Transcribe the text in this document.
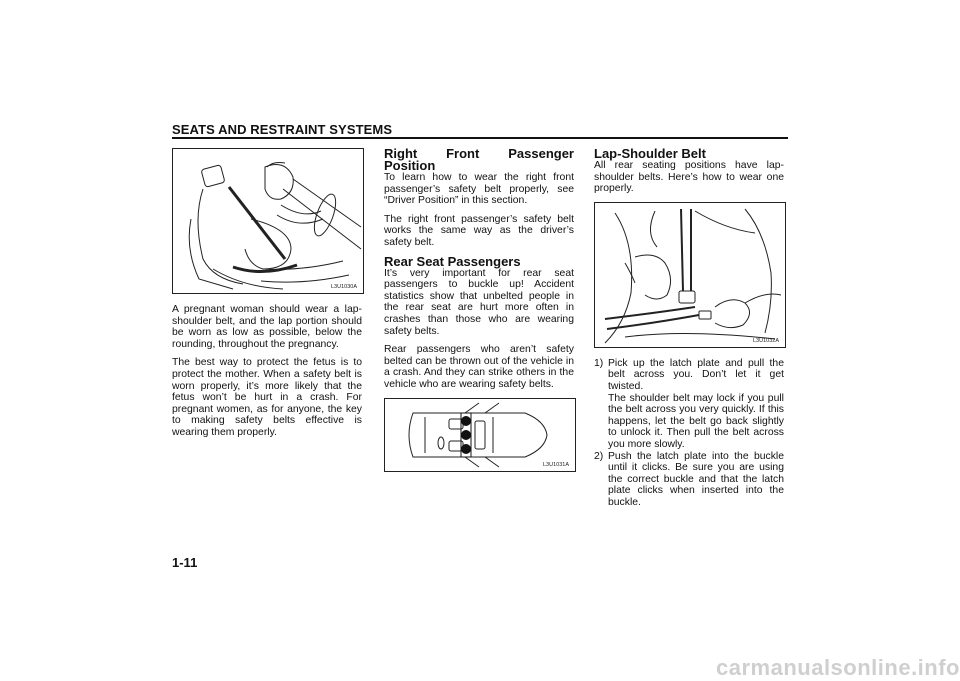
SEATS AND RESTRAINT SYSTEMS
L3U1030A

A pregnant woman should wear a lap-shoulder belt, and the lap portion should be worn as low as possible, below the rounding, throughout the pregnancy.

The best way to protect the fetus is to protect the mother. When a safety belt is worn properly, it’s more likely that the fetus won’t be hurt in a crash. For pregnant women, as for anyone, the key to making safety belts effective is wearing them properly.

Right Front Passenger Position

To learn how to wear the right front passenger’s safety belt properly, see “Driver Position” in this section.

The right front passenger’s safety belt works the same way as the driver’s safety belt.

Rear Seat Passengers

It’s very important for rear seat passengers to buckle up! Accident statistics show that unbelted people in the rear seat are hurt more often in crashes than those who are wearing safety belts.

Rear passengers who aren’t safety belted can be thrown out of the vehicle in a crash. And they can strike others in the vehicle who are wearing safety belts.

L3U1031A
Lap-Shoulder Belt

All rear seating positions have lap-shoulder belts. Here’s how to wear one properly.

L3U1032A
1) Pick up the latch plate and pull the belt across you. Don’t let it get twisted.
The shoulder belt may lock if you pull the belt across you very quickly. If this happens, let the belt go back slightly to unlock it. Then pull the belt across you more slowly.
2) Push the latch plate into the buckle until it clicks. Be sure you are using the correct buckle and that the latch plate clicks when inserted into the buckle.
1-11
carmanualsonline.info
